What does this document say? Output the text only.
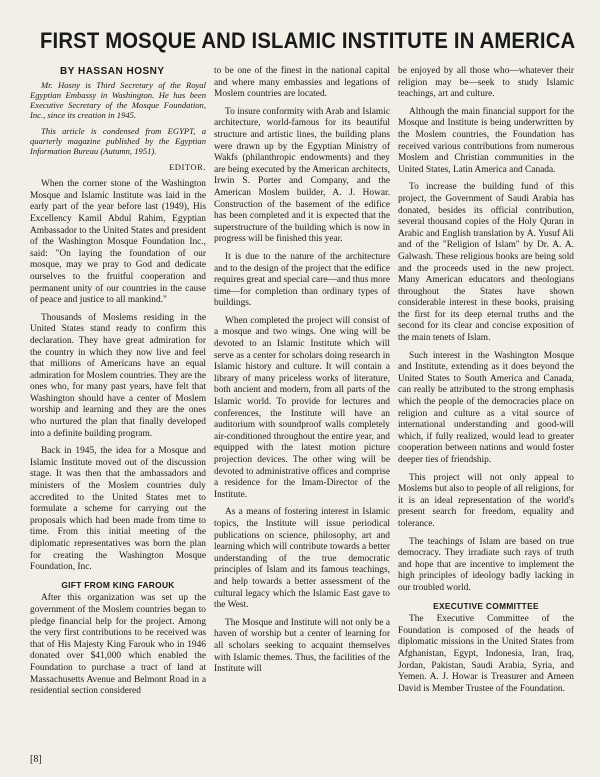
FIRST MOSQUE AND ISLAMIC INSTITUTE IN AMERICA
BY HASSAN HOSNY

Mr. Hosny is Third Secretary of the Royal Egyptian Embassy in Washington. He has been Executive Secretary of the Mosque Foundation, Inc., since its creation in 1945.

This article is condensed from EGYPT, a quarterly magazine published by the Egyptian Information Bureau (Autumn, 1951).

EDITOR.

When the corner stone of the Washington Mosque and Islamic Institute was laid in the early part of the year before last (1949), His Excellency Kamil Abdul Rahim, Egyptian Ambassador to the United States and president of the Washington Mosque Foundation Inc., said: "On laying the foundation of our mosque, may we pray to God and dedicate ourselves to the fruitful cooperation and permanent unity of our countries in the cause of peace and justice to all mankind."

Thousands of Moslems residing in the United States stand ready to confirm this declaration. They have great admiration for the country in which they now live and feel that millions of Americans have an equal admiration for Moslem countries. They are the ones who, for many past years, have felt that Washington should have a center of Moslem worship and learning and they are the ones who nurtured the plan that finally developed into a definite building program.

Back in 1945, the idea for a Mosque and Islamic Institute moved out of the discussion stage. It was then that the ambassadors and ministers of the Moslem countries duly accredited to the United States met to formulate a scheme for carrying out the proposals which had been made from time to time. From this initial meeting of the diplomatic representatives was born the plan for creating the Washington Mosque Foundation, Inc.

GIFT FROM KING FAROUK

After this organization was set up the government of the Moslem countries began to pledge financial help for the project. Among the very first contributions to be received was that of His Majesty King Farouk who in 1946 donated over $41,000 which enabled the Foundation to purchase a tract of land at Massachusetts Avenue and Belmont Road in a residential section considered

to be one of the finest in the national capital and where many embassies and legations of Moslem countries are located.

To insure conformity with Arab and Islamic architecture, world-famous for its beautiful structure and artistic lines, the building plans were drawn up by the Egyptian Ministry of Wakfs (philanthropic endowments) and they are being executed by the American architects, Irwin S. Porter and Company, and the American Moslem builder, A. J. Howar. Construction of the basement of the edifice has been completed and it is expected that the superstructure of the building which is now in progress will be finished this year.

It is due to the nature of the architecture and to the design of the project that the edifice requires great and special care—and thus more time—for completion than ordinary types of buildings.

When completed the project will consist of a mosque and two wings. One wing will be devoted to an Islamic Institute which will serve as a center for scholars doing research in Islamic history and culture. It will contain a library of many priceless works of literature, both ancient and modern, from all parts of the Islamic world. To provide for lectures and conferences, the Institute will have an auditorium with soundproof walls completely air-conditioned throughout the entire year, and equipped with the latest motion picture projection devices. The other wing will be devoted to administrative offices and comprise a residence for the Imam-Director of the Institute.

As a means of fostering interest in Islamic topics, the Institute will issue periodical publications on science, philosophy, art and learning which will contribute towards a better understanding of the true democratic principles of Islam and its famous teachings, and help towards a better assessment of the cultural legacy which the Islamic East gave to the West.

The Mosque and Institute will not only be a haven of worship but a center of learning for all scholars seeking to acquaint themselves with Islamic themes. Thus, the facilities of the Institute will

be enjoyed by all those who—whatever their religion may be—seek to study Islamic teachings, art and culture.

Although the main financial support for the Mosque and Institute is being underwritten by the Moslem countries, the Foundation has received various contributions from numerous Moslem and Christian communities in the United States, Latin America and Canada.

To increase the building fund of this project, the Government of Saudi Arabia has donated, besides its official contribution, several thousand copies of the Holy Quran in Arabic and English translation by A. Yusuf Ali and of the "Religion of Islam" by Dr. A. A. Galwash. These religious books are being sold and the proceeds used in the new project. Many American educators and theologians throughout the States have shown considerable interest in these books, praising the first for its deep eternal truths and the second for its clear and concise exposition of the main tenets of Islam.

Such interest in the Washington Mosque and Institute, extending as it does beyond the United States to South America and Canada, can really be attributed to the strong emphasis which the people of the democracies place on religion and culture as a vital source of international understanding and good-will which, if fully realized, would lead to greater cooperation between nations and would foster deeper ties of friendship.

This project will not only appeal to Moslems but also to people of all religions, for it is an ideal representation of the world's present search for freedom, equality and tolerance.

The teachings of Islam are based on true democracy. They irradiate such rays of truth and hope that are incentive to implement the high principles of ideology badly lacking in our troubled world.

EXECUTIVE COMMITTEE

The Executive Committee of the Foundation is composed of the heads of diplomatic missions in the United States from Afghanistan, Egypt, Indonesia, Iran, Iraq, Jordan, Pakistan, Saudi Arabia, Syria, and Yemen. A. J. Howar is Treasurer and Ameen David is Member Trustee of the Foundation.

[8]
